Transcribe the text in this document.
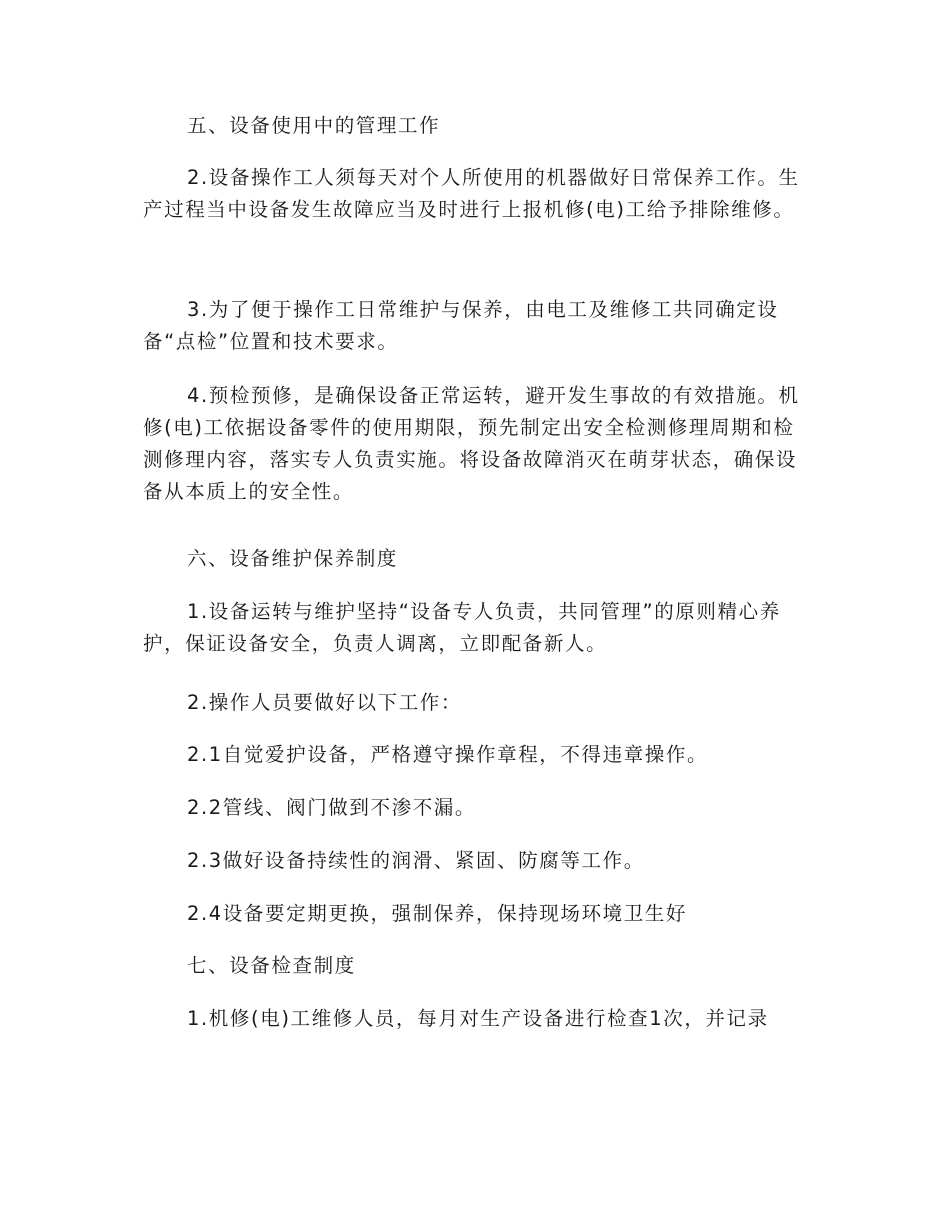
五、设备使用中的管理工作

2.设备操作工人须每天对个人所使用的机器做好日常保养工作。生产过程当中设备发生故障应当及时进行上报机修(电)工给予排除维修。

3.为了便于操作工日常维护与保养，由电工及维修工共同确定设备“点检”位置和技术要求。

4.预检预修，是确保设备正常运转，避开发生事故的有效措施。机修(电)工依据设备零件的使用期限，预先制定出安全检测修理周期和检测修理内容，落实专人负责实施。将设备故障消灭在萌芽状态，确保设备从本质上的安全性。

六、设备维护保养制度

1.设备运转与维护坚持“设备专人负责，共同管理”的原则精心养护，保证设备安全，负责人调离，立即配备新人。

2.操作人员要做好以下工作：

2.1自觉爱护设备，严格遵守操作章程，不得违章操作。

2.2管线、阀门做到不渗不漏。

2.3做好设备持续性的润滑、紧固、防腐等工作。

2.4设备要定期更换，强制保养，保持现场环境卫生好

七、设备检查制度

1.机修(电)工维修人员，每月对生产设备进行检查1次，并记录
